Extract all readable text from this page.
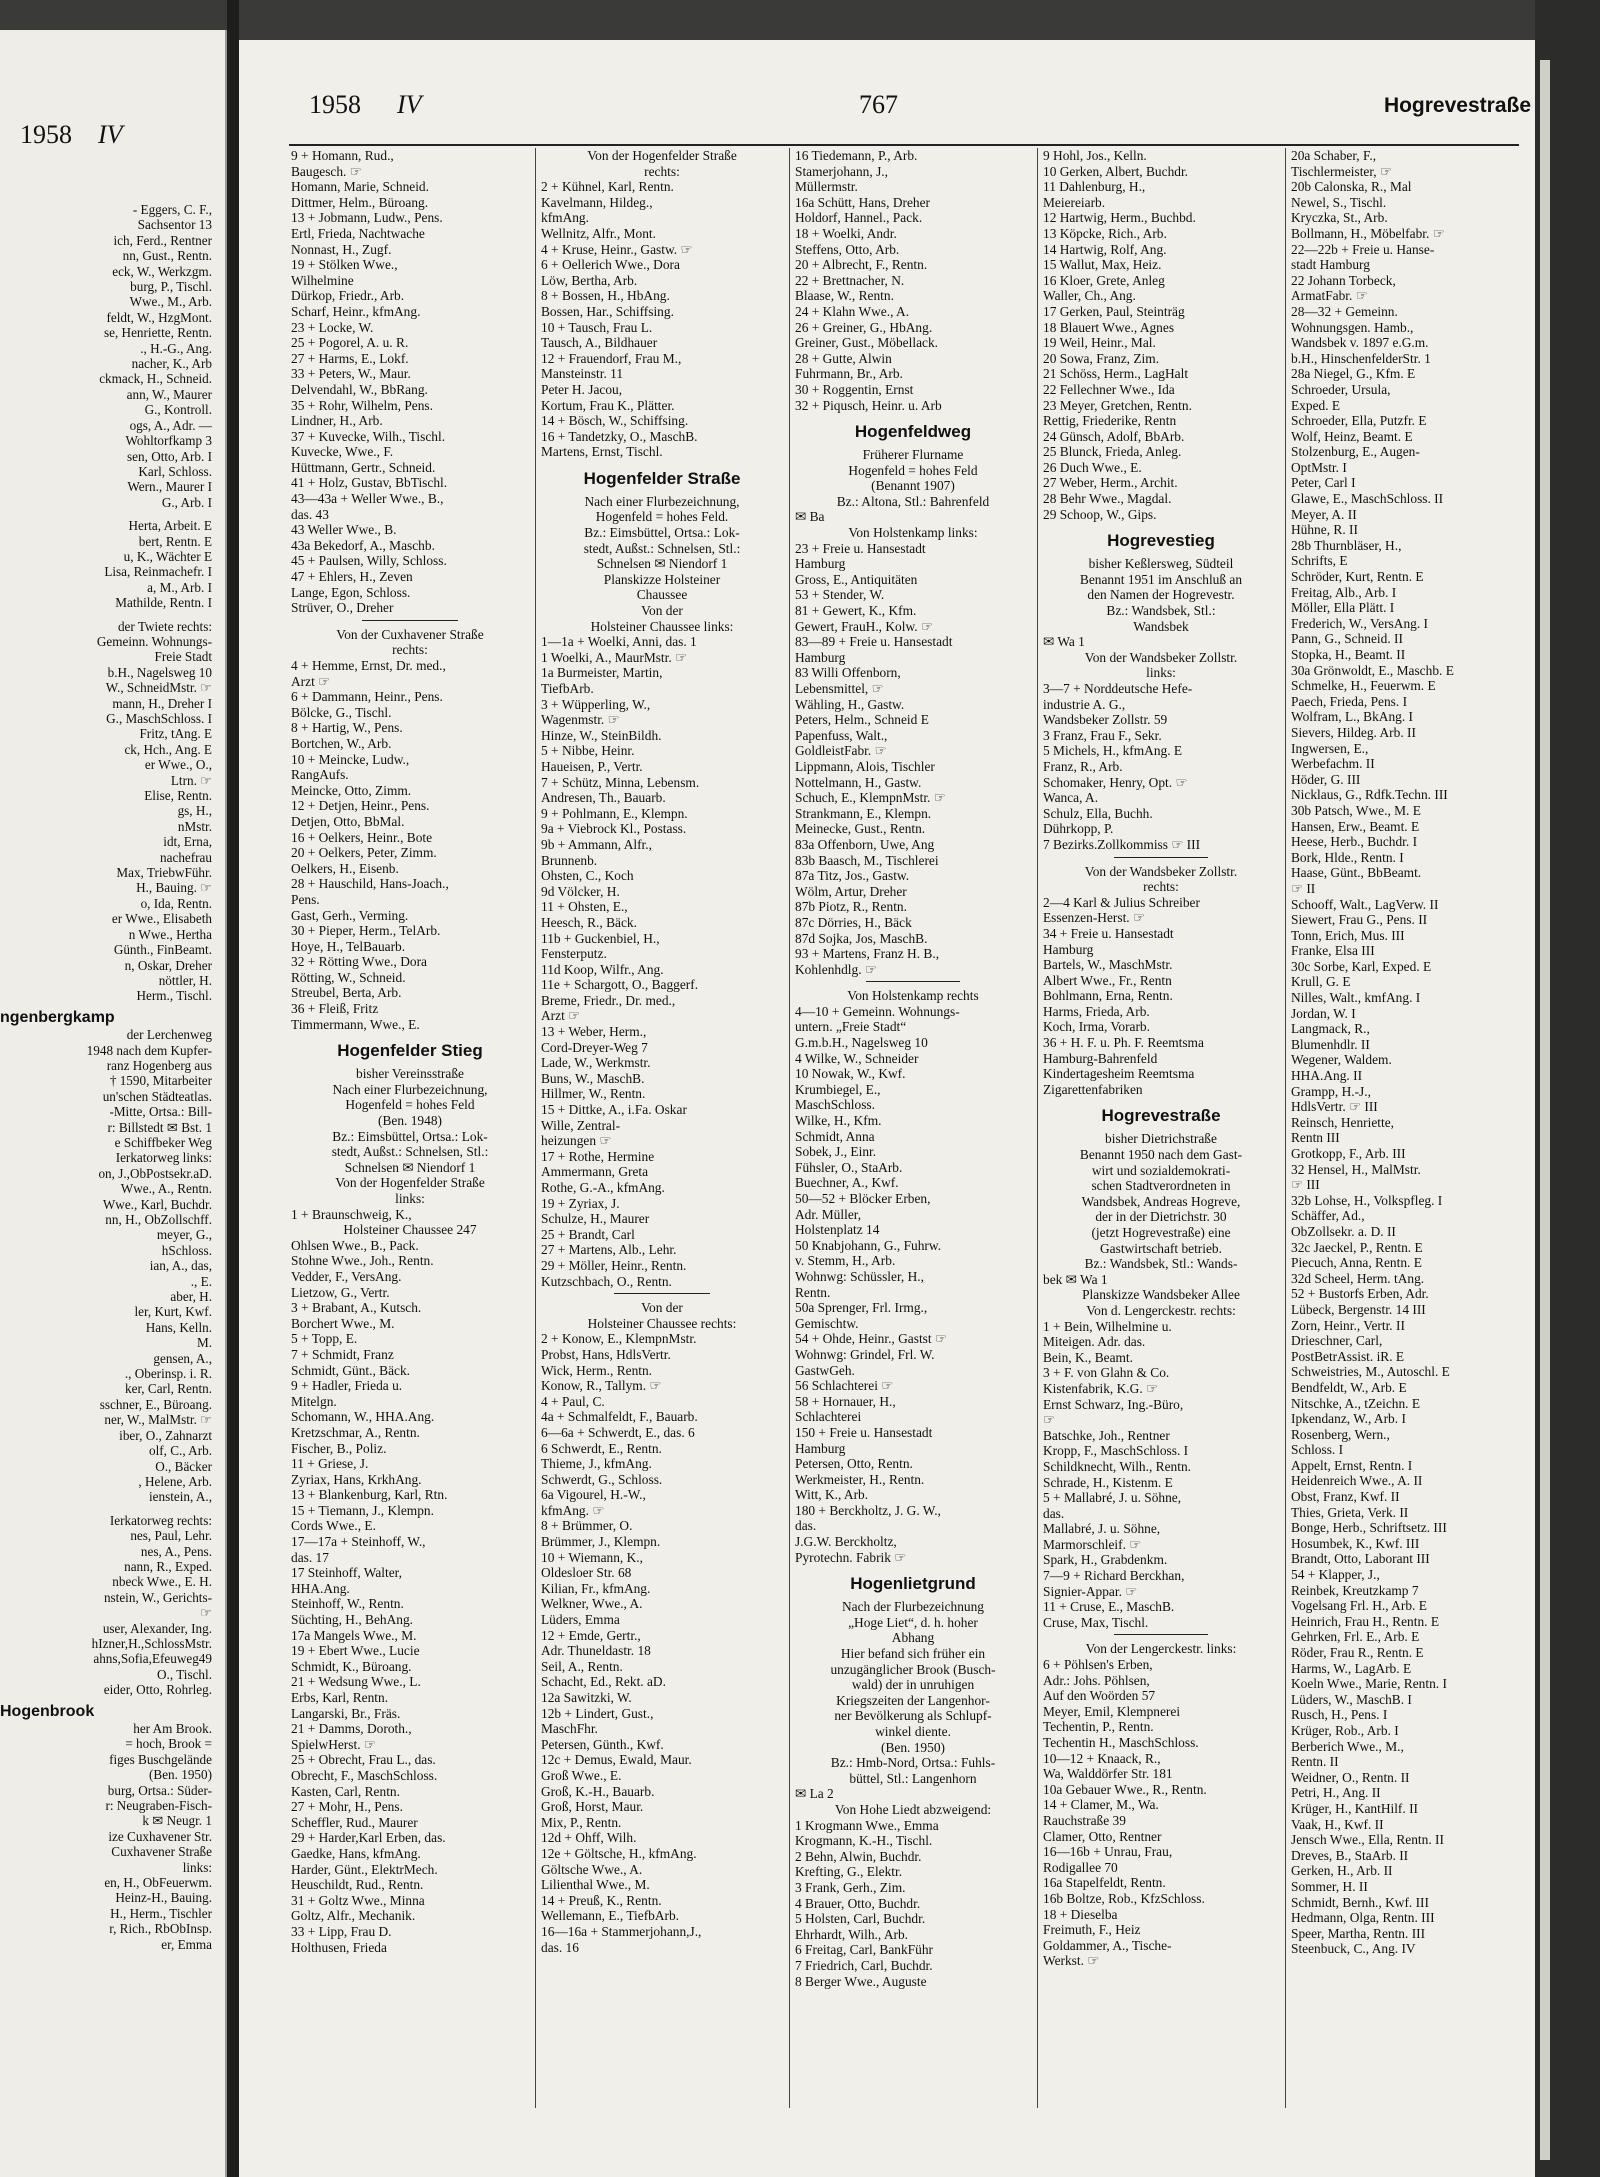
1958 IV
- Eggers, C. F.,
Sachsentor 13
ich, Ferd., Rentner
nn, Gust., Rentn.
eck, W., Werkzgm.
burg, P., Tischl.
Wwe., M., Arb.
feldt, W., HzgMont.
se, Henriette, Rentn.
., H.-G., Ang.
nacher, K., Arb
ckmack, H., Schneid.
ann, W., Maurer
G., Kontroll.
ogs, A., Adr. —
Wohltorfkamp 3
sen, Otto, Arb. I
Karl, Schloss.
Wern., Maurer I
G., Arb. I
Herta, Arbeit. E
bert, Rentn. E
u, K., Wächter E
Lisa, Reinmachefr. I
a, M., Arb. I
Mathilde, Rentn. I
der Twiete rechts:
Gemeinn. Wohnungs-
Freie Stadt
b.H., Nagelsweg 10
W., SchneidMstr. ☞
mann, H., Dreher I
G., MaschSchloss. I
Fritz, tAng. E
ck, Hch., Ang. E
er Wwe., O.,
Ltrn. ☞
Elise, Rentn.
gs, H.,
nMstr.
idt, Erna,
nachefrau
Max, TriebwFühr.
H., Bauing. ☞
o, Ida, Rentn.
er Wwe., Elisabeth
n Wwe., Hertha
Günth., FinBeamt.
n, Oskar, Dreher
nöttler, H.
Herm., Tischl.
ngenbergkamp
der Lerchenweg
1948 nach dem Kupfer-
ranz Hogenberg aus
† 1590, Mitarbeiter
un'schen Städteatlas.
-Mitte, Ortsa.: Bill-
r: Billstedt ✉ Bst. 1
e Schiffbeker Weg
Ierkatorweg links:
on, J.,ObPostsekr.aD.
Wwe., A., Rentn.
Wwe., Karl, Buchdr.
nn, H., ObZollschff.
meyer, G.,
hSchloss.
ian, A., das,
., E.
aber, H.
ler, Kurt, Kwf.
Hans, Kelln.
M.
gensen, A.,
., Oberinsp. i. R.
ker, Carl, Rentn.
sschner, E., Büroang.
ner, W., MalMstr. ☞
iber, O., Zahnarzt
olf, C., Arb.
O., Bäcker
, Helene, Arb.
ienstein, A.,
Ierkatorweg rechts:
nes, Paul, Lehr.
nes, A., Pens.
nann, R., Exped.
nbeck Wwe., E. H.
nstein, W., Gerichts-
☞
user, Alexander, Ing.
hIzner,H.,SchlossMstr.
ahns,Sofia,Efeuweg49
O., Tischl.
eider, Otto, Rohrleg.
Hogenbrook
her Am Brook.
= hoch, Brook =
figes Buschgelände
(Ben. 1950)
burg, Ortsa.: Süder-
r: Neugraben-Fisch-
k ✉ Neugr. 1
ize Cuxhavener Str.
Cuxhavener Straße
links:
en, H., ObFeuerwm.
Heinz-H., Bauing.
H., Herm., Tischler
r, Rich., RbObInsp.
er, Emma
1958 IV	767	Hogrevestraße
9 + Homann, Rud.,
Baugesch. ☞
Homann, Marie, Schneid.
Dittmer, Helm., Büroang.
13 + Jobmann, Ludw., Pens.
Ertl, Frieda, Nachtwache
Nonnast, H., Zugf.
19 + Stölken Wwe.,
Wilhelmine
Dürkop, Friedr., Arb.
Scharf, Heinr., kfmAng.
23 + Locke, W.
25 + Pogorel, A. u. R.
27 + Harms, E., Lokf.
33 + Peters, W., Maur.
Delvendahl, W., BbRang.
35 + Rohr, Wilhelm, Pens.
Lindner, H., Arb.
37 + Kuvecke, Wilh., Tischl.
Kuvecke, Wwe., F.
Hüttmann, Gertr., Schneid.
41 + Holz, Gustav, BbTischl.
43—43a + Weller Wwe., B.,
das. 43
43 Weller Wwe., B.
43a Bekedorf, A., Maschb.
45 + Paulsen, Willy, Schloss.
47 + Ehlers, H., Zeven
Lange, Egon, Schloss.
Strüver, O., Dreher
Von der Cuxhavener Straße
rechts:
4 + Hemme, Ernst, Dr. med.,
Arzt ☞
6 + Dammann, Heinr., Pens.
Bölcke, G., Tischl.
8 + Hartig, W., Pens.
Bortchen, W., Arb.
10 + Meincke, Ludw.,
RangAufs.
Meincke, Otto, Zimm.
12 + Detjen, Heinr., Pens.
Detjen, Otto, BbMal.
16 + Oelkers, Heinr., Bote
20 + Oelkers, Peter, Zimm.
Oelkers, H., Eisenb.
28 + Hauschild, Hans-Joach.,
Pens.
Gast, Gerh., Verming.
30 + Pieper, Herm., TelArb.
Hoye, H., TelBauarb.
32 + Rötting Wwe., Dora
Rötting, W., Schneid.
Streubel, Berta, Arb.
36 + Fleiß, Fritz
Timmermann, Wwe., E.
Hogenfelder Stieg
bisher Vereinsstraße
Nach einer Flurbezeichnung,
Hogenfeld = hohes Feld
(Ben. 1948)
Bz.: Eimsbüttel, Ortsa.: Lok-
stedt, Außst.: Schnelsen, Stl.:
Schnelsen ✉ Niendorf 1
Von der Hogenfelder Straße
links:
1 + Braunschweig, K.,
Holsteiner Chaussee 247
Ohlsen Wwe., B., Pack.
Stohne Wwe., Joh., Rentn.
Vedder, F., VersAng.
Lietzow, G., Vertr.
3 + Brabant, A., Kutsch.
Borchert Wwe., M.
5 + Topp, E.
7 + Schmidt, Franz
Schmidt, Günt., Bäck.
9 + Hadler, Frieda u.
Mitelgn.
Schomann, W., HHA.Ang.
Kretzschmar, A., Rentn.
Fischer, B., Poliz.
11 + Griese, J.
Zyriax, Hans, KrkhAng.
13 + Blankenburg, Karl, Rtn.
15 + Tiemann, J., Klempn.
Cords Wwe., E.
17—17a + Steinhoff, W.,
das. 17
17 Steinhoff, Walter,
HHA.Ang.
Steinhoff, W., Rentn.
Süchting, H., BehAng.
17a Mangels Wwe., M.
19 + Ebert Wwe., Lucie
Schmidt, K., Büroang.
21 + Wedsung Wwe., L.
Erbs, Karl, Rentn.
Langarski, Br., Fräs.
21 + Damms, Doroth.,
SpielwHerst. ☞
25 + Obrecht, Frau L., das.
Obrecht, F., MaschSchloss.
Kasten, Carl, Rentn.
27 + Mohr, H., Pens.
Scheffler, Rud., Maurer
29 + Harder,Karl Erben, das.
Gaedke, Hans, kfmAng.
Harder, Günt., ElektrMech.
Heuschildt, Rud., Rentn.
31 + Goltz Wwe., Minna
Goltz, Alfr., Mechanik.
33 + Lipp, Frau D.
Holthusen, Frieda
Von der Hogenfelder Straße
rechts:
2 + Kühnel, Karl, Rentn.
Kavelmann, Hildeg.,
kfmAng.
Wellnitz, Alfr., Mont.
4 + Kruse, Heinr., Gastw. ☞
6 + Oellerich Wwe., Dora
Löw, Bertha, Arb.
8 + Bossen, H., HbAng.
Bossen, Har., Schiffsing.
10 + Tausch, Frau L.
Tausch, A., Bildhauer
12 + Frauendorf, Frau M.,
Mansteinstr. 11
Peter H. Jacou,
Kortum, Frau K., Plätter.
14 + Bösch, W., Schiffsing.
16 + Tandetzky, O., MaschB.
Martens, Ernst, Tischl.
Hogenfelder Straße
Nach einer Flurbezeichnung,
Hogenfeld = hohes Feld.
Bz.: Eimsbüttel, Ortsa.: Lok-
stedt, Außst.: Schnelsen, Stl.:
Schnelsen ✉ Niendorf 1
Planskizze Holsteiner
Chaussee
Von der
Holsteiner Chaussee links:
1—1a + Woelki, Anni, das. 1
1 Woelki, A., MaurMstr. ☞
1a Burmeister, Martin,
TiefbArb.
3 + Wüpperling, W.,
Wagenmstr. ☞
Hinze, W., SteinBildh.
5 + Nibbe, Heinr.
Haueisen, P., Vertr.
7 + Schütz, Minna, Lebensm.
Andresen, Th., Bauarb.
9 + Pohlmann, E., Klempn.
9a + Viebrock Kl., Postass.
9b + Ammann, Alfr.,
Brunnenb.
Ohsten, C., Koch
9d Völcker, H.
11 + Ohsten, E.,
Heesch, R., Bäck.
11b + Guckenbiel, H.,
Fensterputz.
11d Koop, Wilfr., Ang.
11e + Schargott, O., Baggerf.
Breme, Friedr., Dr. med.,
Arzt ☞
13 + Weber, Herm.,
Cord-Dreyer-Weg 7
Lade, W., Werkmstr.
Buns, W., MaschB.
Hillmer, W., Rentn.
15 + Dittke, A., i.Fa. Oskar
Wille, Zentral-
heizungen ☞
17 + Rothe, Hermine
Ammermann, Greta
Rothe, G.-A., kfmAng.
19 + Zyriax, J.
Schulze, H., Maurer
25 + Brandt, Carl
27 + Martens, Alb., Lehr.
29 + Möller, Heinr., Rentn.
Kutzschbach, O., Rentn.
Von der
Holsteiner Chaussee rechts:
2 + Konow, E., KlempnMstr.
Probst, Hans, HdlsVertr.
Wick, Herm., Rentn.
Konow, R., Tallym. ☞
4 + Paul, C.
4a + Schmalfeldt, F., Bauarb.
6—6a + Schwerdt, E., das. 6
6 Schwerdt, E., Rentn.
Thieme, J., kfmAng.
Schwerdt, G., Schloss.
6a Vigourel, H.-W.,
kfmAng. ☞
8 + Brümmer, O.
Brümmer, J., Klempn.
10 + Wiemann, K.,
Oldesloer Str. 68
Kilian, Fr., kfmAng.
Welkner, Wwe., A.
Lüders, Emma
12 + Emde, Gertr.,
Adr. Thuneldastr. 18
Seil, A., Rentn.
Schacht, Ed., Rekt. aD.
12a Sawitzki, W.
12b + Lindert, Gust.,
MaschFhr.
Petersen, Günth., Kwf.
12c + Demus, Ewald, Maur.
Groß Wwe., E.
Groß, K.-H., Bauarb.
Groß, Horst, Maur.
Mix, P., Rentn.
12d + Ohff, Wilh.
12e + Göltsche, H., kfmAng.
Göltsche Wwe., A.
Lilienthal Wwe., M.
14 + Preuß, K., Rentn.
Wellemann, E., TiefbArb.
16—16a + Stammerjohann,J.,
das. 16
16 Tiedemann, P., Arb.
Stamerjohann, J.,
Müllermstr.
16a Schütt, Hans, Dreher
Holdorf, Hannel., Pack.
18 + Woelki, Andr.
Steffens, Otto, Arb.
20 + Albrecht, F., Rentn.
22 + Brettnacher, N.
Blaase, W., Rentn.
24 + Klahn Wwe., A.
26 + Greiner, G., HbAng.
Greiner, Gust., Möbellack.
28 + Gutte, Alwin
Fuhrmann, Br., Arb.
30 + Roggentin, Ernst
32 + Piqusch, Heinr. u. Arb
Hogenfeldweg
Früherer Flurname
Hogenfeld = hohes Feld
(Benannt 1907)
Bz.: Altona, Stl.: Bahrenfeld
✉ Ba
Von Holstenkamp links:
23 + Freie u. Hansestadt
Hamburg
Gross, E., Antiquitäten
53 + Stender, W.
81 + Gewert, K., Kfm.
Gewert, FrauH., Kolw. ☞
83—89 + Freie u. Hansestadt
Hamburg
83 Willi Offenborn,
Lebensmittel, ☞
Wähling, H., Gastw.
Peters, Helm., Schneid E
Papenfuss, Walt.,
GoldleistFabr. ☞
Lippmann, Alois, Tischler
Nottelmann, H., Gastw.
Schuch, E., KlempnMstr. ☞
Strankmann, E., Klempn.
Meinecke, Gust., Rentn.
83a Offenborn, Uwe, Ang
83b Baasch, M., Tischlerei
87a Titz, Jos., Gastw.
Wölm, Artur, Dreher
87b Piotz, R., Rentn.
87c Dörries, H., Bäck
87d Sojka, Jos, MaschB.
93 + Martens, Franz H. B.,
Kohlenhdlg. ☞
Von Holstenkamp rechts
4—10 + Gemeinn. Wohnungs-
untern. „Freie Stadt“
G.m.b.H., Nagelsweg 10
4 Wilke, W., Schneider
10 Nowak, W., Kwf.
Krumbiegel, E.,
MaschSchloss.
Wilke, H., Kfm.
Schmidt, Anna
Sobek, J., Einr.
Fühsler, O., StaArb.
Buechner, A., Kwf.
50—52 + Blöcker Erben,
Adr. Müller,
Holstenplatz 14
50 Knabjohann, G., Fuhrw.
v. Stemm, H., Arb.
Wohnwg: Schüssler, H.,
Rentn.
50a Sprenger, Frl. Irmg.,
Gemischtw.
54 + Ohde, Heinr., Gastst ☞
Wohnwg: Grindel, Frl. W.
GastwGeh.
56 Schlachterei ☞
58 + Hornauer, H.,
Schlachterei
150 + Freie u. Hansestadt
Hamburg
Petersen, Otto, Rentn.
Werkmeister, H., Rentn.
Witt, K., Arb.
180 + Berckholtz, J. G. W.,
das.
J.G.W. Berckholtz,
Pyrotechn. Fabrik ☞
Hogenlietgrund
Nach der Flurbezeichnung
„Hoge Liet“, d. h. hoher
Abhang
Hier befand sich früher ein
unzugänglicher Brook (Busch-
wald) der in unruhigen
Kriegszeiten der Langenhor-
ner Bevölkerung als Schlupf-
winkel diente.
(Ben. 1950)
Bz.: Hmb-Nord, Ortsa.: Fuhls-
büttel, Stl.: Langenhorn
✉ La 2
Von Hohe Liedt abzweigend:
1 Krogmann Wwe., Emma
Krogmann, K.-H., Tischl.
2 Behn, Alwin, Buchdr.
Krefting, G., Elektr.
3 Frank, Gerh., Zim.
4 Brauer, Otto, Buchdr.
5 Holsten, Carl, Buchdr.
Ehrhardt, Wilh., Arb.
6 Freitag, Carl, BankFühr
7 Friedrich, Carl, Buchdr.
8 Berger Wwe., Auguste
9 Hohl, Jos., Kelln.
10 Gerken, Albert, Buchdr.
11 Dahlenburg, H.,
Meiereiarb.
12 Hartwig, Herm., Buchbd.
13 Köpcke, Rich., Arb.
14 Hartwig, Rolf, Ang.
15 Wallut, Max, Heiz.
16 Kloer, Grete, Anleg
Waller, Ch., Ang.
17 Gerken, Paul, Steinträg
18 Blauert Wwe., Agnes
19 Weil, Heinr., Mal.
20 Sowa, Franz, Zim.
21 Schöss, Herm., LagHalt
22 Fellechner Wwe., Ida
23 Meyer, Gretchen, Rentn.
Rettig, Friederike, Rentn
24 Günsch, Adolf, BbArb.
25 Blunck, Frieda, Anleg.
26 Duch Wwe., E.
27 Weber, Herm., Archit.
28 Behr Wwe., Magdal.
29 Schoop, W., Gips.
Hogrevestieg
bisher Keßlersweg, Südteil
Benannt 1951 im Anschluß an
den Namen der Hogrevestr.
Bz.: Wandsbek, Stl.:
Wandsbek
✉ Wa 1
Von der Wandsbeker Zollstr.
links:
3—7 + Norddeutsche Hefe-
industrie A. G.,
Wandsbeker Zollstr. 59
3 Franz, Frau F., Sekr.
5 Michels, H., kfmAng. E
Franz, R., Arb.
Schomaker, Henry, Opt. ☞
Wanca, A.
Schulz, Ella, Buchh.
Dührkopp, P.
7 Bezirks.Zollkommiss ☞ III
Von der Wandsbeker Zollstr.
rechts:
2—4 Karl & Julius Schreiber
Essenzen-Herst. ☞
34 + Freie u. Hansestadt
Hamburg
Bartels, W., MaschMstr.
Albert Wwe., Fr., Rentn
Bohlmann, Erna, Rentn.
Harms, Frieda, Arb.
Koch, Irma, Vorarb.
36 + H. F. u. Ph. F. Reemtsma
Hamburg-Bahrenfeld
Kindertagesheim Reemtsma
Zigarettenfabriken
Hogrevestraße
bisher Dietrichstraße
Benannt 1950 nach dem Gast-
wirt und sozialdemokrati-
schen Stadtverordneten in
Wandsbek, Andreas Hogreve,
der in der Dietrichstr. 30
(jetzt Hogrevestraße) eine
Gastwirtschaft betrieb.
Bz.: Wandsbek, Stl.: Wands-
bek ✉ Wa 1
Planskizze Wandsbeker Allee
Von d. Lengerckestr. rechts:
1 + Bein, Wilhelmine u.
Miteigen. Adr. das.
Bein, K., Beamt.
3 + F. von Glahn & Co.
Kistenfabrik, K.G. ☞
Ernst Schwarz, Ing.-Büro,
☞
Batschke, Joh., Rentner
Kropp, F., MaschSchloss. I
Schildknecht, Wilh., Rentn.
Schrade, H., Kistenm. E
5 + Mallabré, J. u. Söhne,
das.
Mallabré, J. u. Söhne,
Marmorschleif. ☞
Spark, H., Grabdenkm.
7—9 + Richard Berckhan,
Signier-Appar. ☞
11 + Cruse, E., MaschB.
Cruse, Max, Tischl.
Von der Lengerckestr. links:
6 + Pöhlsen's Erben,
Adr.: Johs. Pöhlsen,
Auf den Woörden 57
Meyer, Emil, Klempnerei
Techentin, P., Rentn.
Techentin H., MaschSchloss.
10—12 + Knaack, R.,
Wa, Walddörfer Str. 181
10a Gebauer Wwe., R., Rentn.
14 + Clamer, M., Wa.
Rauchstraße 39
Clamer, Otto, Rentner
16—16b + Unrau, Frau,
Rodigallee 70
16a Stapelfeldt, Rentn.
16b Boltze, Rob., KfzSchloss.
18 + Dieselba
Freimuth, F., Heiz
Goldammer, A., Tische-
Werkst. ☞
20a Schaber, F.,
Tischlermeister, ☞
20b Calonska, R., Mal
Newel, S., Tischl.
Kryczka, St., Arb.
Bollmann, H., Möbelfabr. ☞
22—22b + Freie u. Hanse-
stadt Hamburg
22 Johann Torbeck,
ArmatFabr. ☞
28—32 + Gemeinn.
Wohnungsgen. Hamb.,
Wandsbek v. 1897 e.G.m.
b.H., HinschenfelderStr. 1
28a Niegel, G., Kfm. E
Schroeder, Ursula,
Exped. E
Schroeder, Ella, Putzfr. E
Wolf, Heinz, Beamt. E
Stolzenburg, E., Augen-
OptMstr. I
Peter, Carl I
Glawe, E., MaschSchloss. II
Meyer, A. II
Hühne, R. II
28b Thurnbläser, H.,
Schrifts, E
Schröder, Kurt, Rentn. E
Freitag, Alb., Arb. I
Möller, Ella Plätt. I
Frederich, W., VersAng. I
Pann, G., Schneid. II
Stopka, H., Beamt. II
30a Grönwoldt, E., Maschb. E
Schmelke, H., Feuerwm. E
Paech, Frieda, Pens. I
Wolfram, L., BkAng. I
Sievers, Hildeg. Arb. II
Ingwersen, E.,
Werbefachm. II
Höder, G. III
Nicklaus, G., Rdfk.Techn. III
30b Patsch, Wwe., M. E
Hansen, Erw., Beamt. E
Heese, Herb., Buchdr. I
Bork, Hlde., Rentn. I
Haase, Günt., BbBeamt.
☞ II
Schooff, Walt., LagVerw. II
Siewert, Frau G., Pens. II
Tonn, Erich, Mus. III
Franke, Elsa III
30c Sorbe, Karl, Exped. E
Krull, G. E
Nilles, Walt., kmfAng. I
Jordan, W. I
Langmack, R.,
Blumenhdlr. II
Wegener, Waldem.
HHA.Ang. II
Grampp, H.-J.,
HdlsVertr. ☞ III
Reinsch, Henriette,
Rentn III
Grotkopp, F., Arb. III
32 Hensel, H., MalMstr.
☞ III
32b Lohse, H., Volkspfleg. I
Schäffer, Ad.,
ObZollsekr. a. D. II
32c Jaeckel, P., Rentn. E
Piecuch, Anna, Rentn. E
32d Scheel, Herm. tAng.
52 + Bustorfs Erben, Adr.
Lübeck, Bergenstr. 14 III
Zorn, Heinr., Vertr. II
Drieschner, Carl,
PostBetrAssist. iR. E
Schweistries, M., Autoschl. E
Bendfeldt, W., Arb. E
Nitschke, A., tZeichn. E
Ipkendanz, W., Arb. I
Rosenberg, Wern.,
Schloss. I
Appelt, Ernst, Rentn. I
Heidenreich Wwe., A. II
Obst, Franz, Kwf. II
Thies, Grieta, Verk. II
Bonge, Herb., Schriftsetz. III
Hosumbek, K., Kwf. III
Brandt, Otto, Laborant III
54 + Klapper, J.,
Reinbek, Kreutzkamp 7
Vogelsang Frl. H., Arb. E
Heinrich, Frau H., Rentn. E
Gehrken, Frl. E., Arb. E
Röder, Frau R., Rentn. E
Harms, W., LagArb. E
Koeln Wwe., Marie, Rentn. I
Lüders, W., MaschB. I
Rusch, H., Pens. I
Krüger, Rob., Arb. I
Berberich Wwe., M.,
Rentn. II
Weidner, O., Rentn. II
Petri, H., Ang. II
Krüger, H., KantHilf. II
Vaak, H., Kwf. II
Jensch Wwe., Ella, Rentn. II
Dreves, B., StaArb. II
Gerken, H., Arb. II
Sommer, H. II
Schmidt, Bernh., Kwf. III
Hedmann, Olga, Rentn. III
Speer, Martha, Rentn. III
Steenbuck, C., Ang. IV
